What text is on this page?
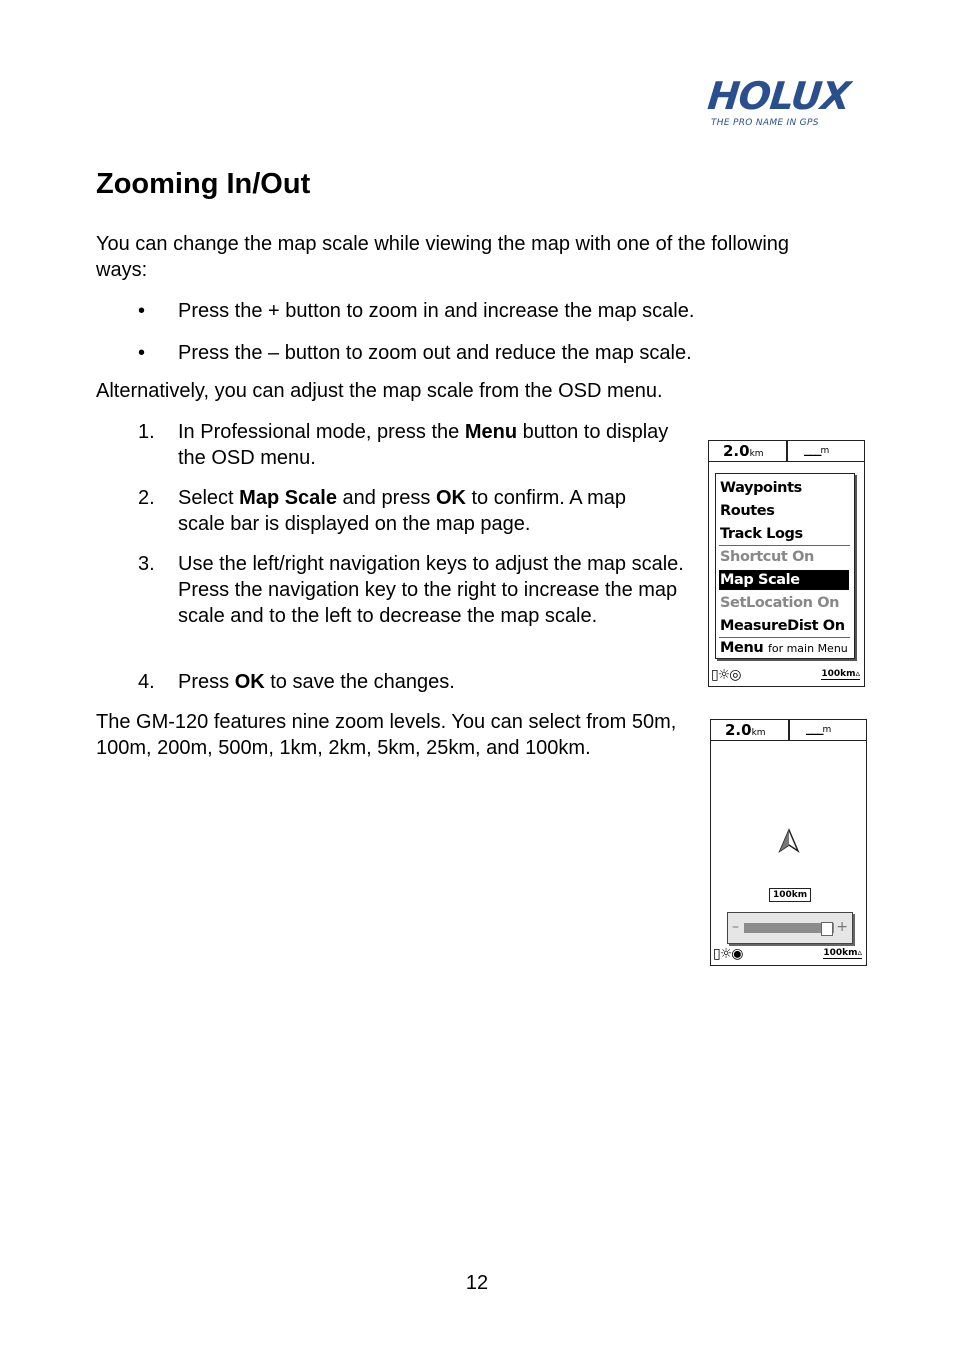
HOLUX
THE PRO NAME IN GPS
Zooming In/Out
You can change the map scale while viewing the map with one of the following ways:
• Press the + button to zoom in and increase the map scale.
• Press the – button to zoom out and reduce the map scale.
Alternatively, you can adjust the map scale from the OSD menu.
1. In Professional mode, press the Menu button to display the OSD menu.
2. Select Map Scale and press OK to confirm. A map scale bar is displayed on the map page.
3. Use the left/right navigation keys to adjust the map scale. Press the navigation key to the right to increase the map scale and to the left to decrease the map scale.
4. Press OK to save the changes.
The GM-120 features nine zoom levels. You can select from 50m, 100m, 200m, 500m, 1km, 2km, 5km, 25km, and 100km.
2.0km	___m
Waypoints
Routes
Track Logs
Shortcut On
Map Scale
SetLocation On
MeasureDist On
Menu for main Menu
▯☼◎	100km▵
2.0km	___m
100km
–	+
▯☼◉	100km▵
12
